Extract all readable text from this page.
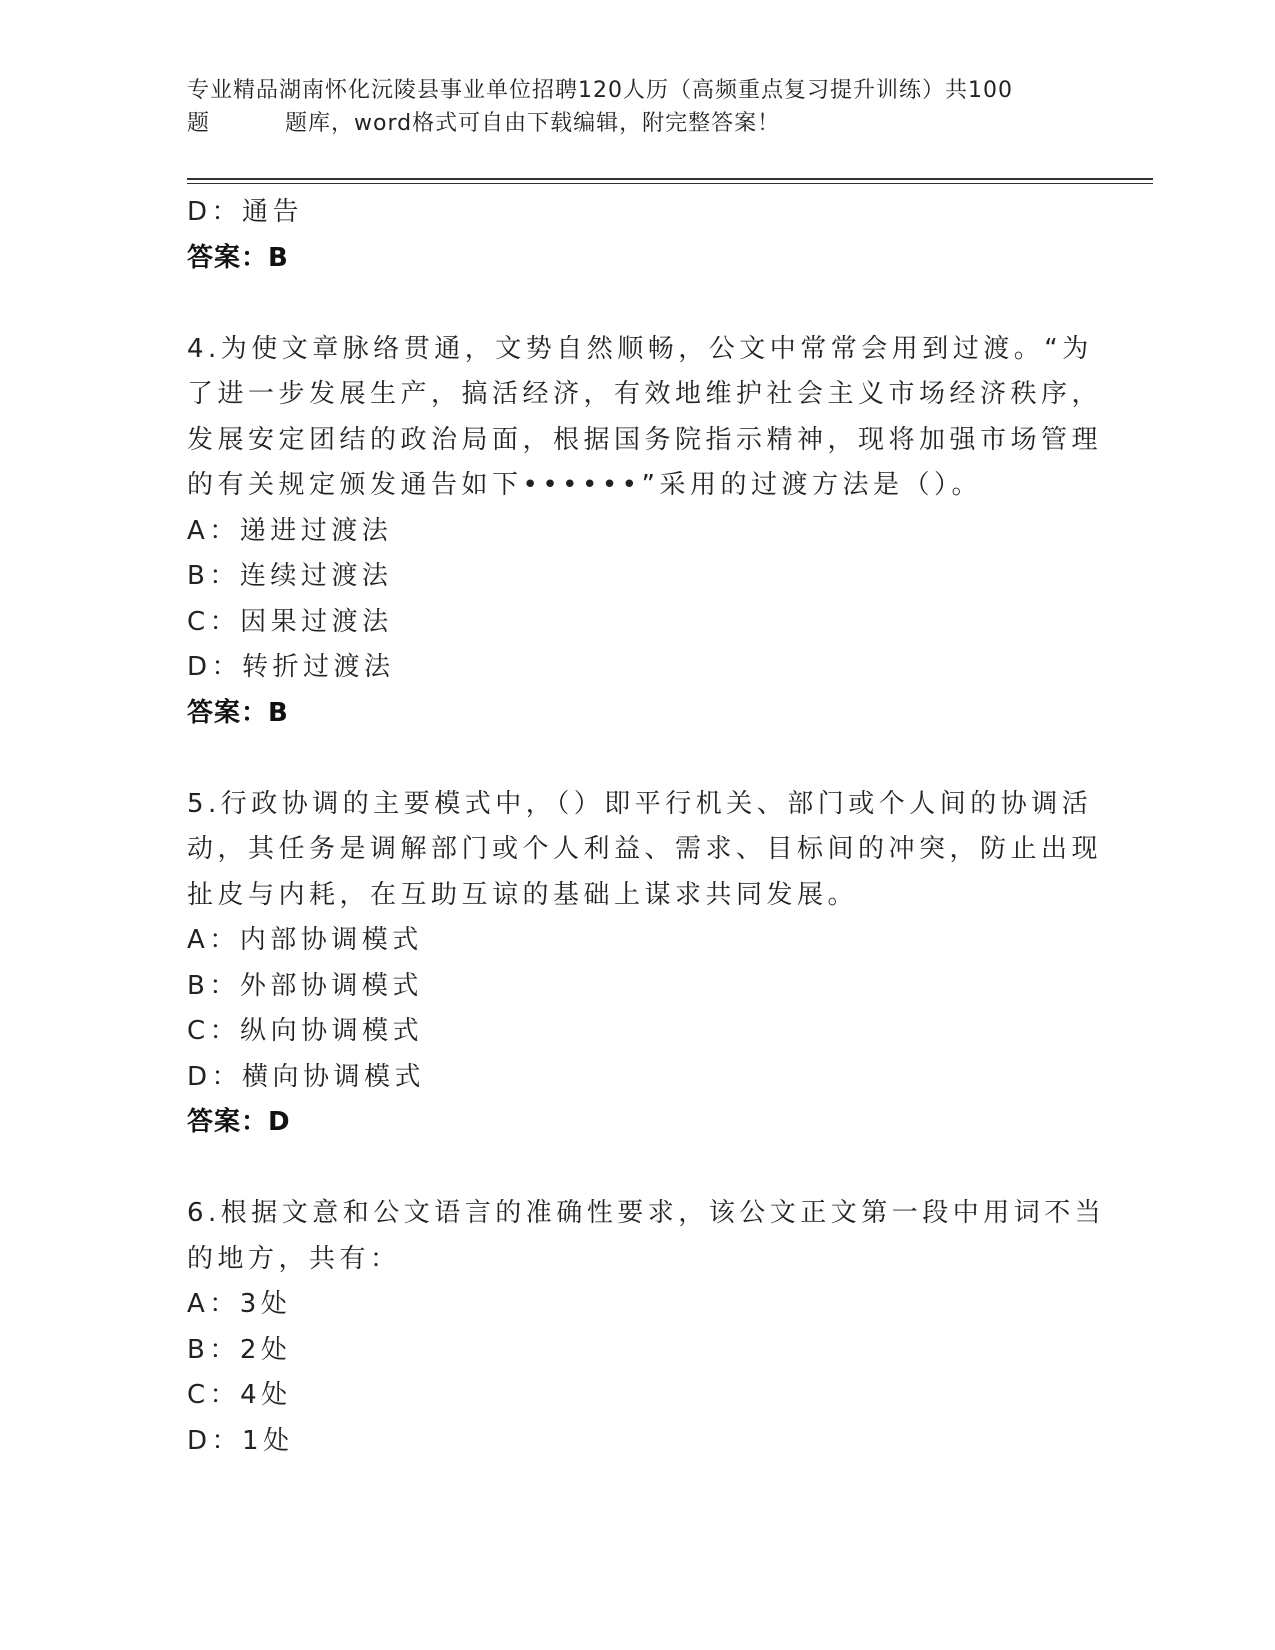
专业精品湖南怀化沅陵县事业单位招聘120人历（高频重点复习提升训练）共100
题	题库，word格式可自由下载编辑，附完整答案！
D：通告
答案：B
4.为使文章脉络贯通，文势自然顺畅，公文中常常会用到过渡。“为
了进一步发展生产，搞活经济，有效地维护社会主义市场经济秩序，
发展安定团结的政治局面，根据国务院指示精神，现将加强市场管理
的有关规定颁发通告如下••••••”采用的过渡方法是（）。
A：递进过渡法
B：连续过渡法
C：因果过渡法
D：转折过渡法
答案：B
5.行政协调的主要模式中，（）即平行机关、部门或个人间的协调活
动，其任务是调解部门或个人利益、需求、目标间的冲突，防止出现
扯皮与内耗，在互助互谅的基础上谋求共同发展。
A：内部协调模式
B：外部协调模式
C：纵向协调模式
D：横向协调模式
答案：D
6.根据文意和公文语言的准确性要求，该公文正文第一段中用词不当
的地方，共有：
A：3处
B：2处
C：4处
D：1处
